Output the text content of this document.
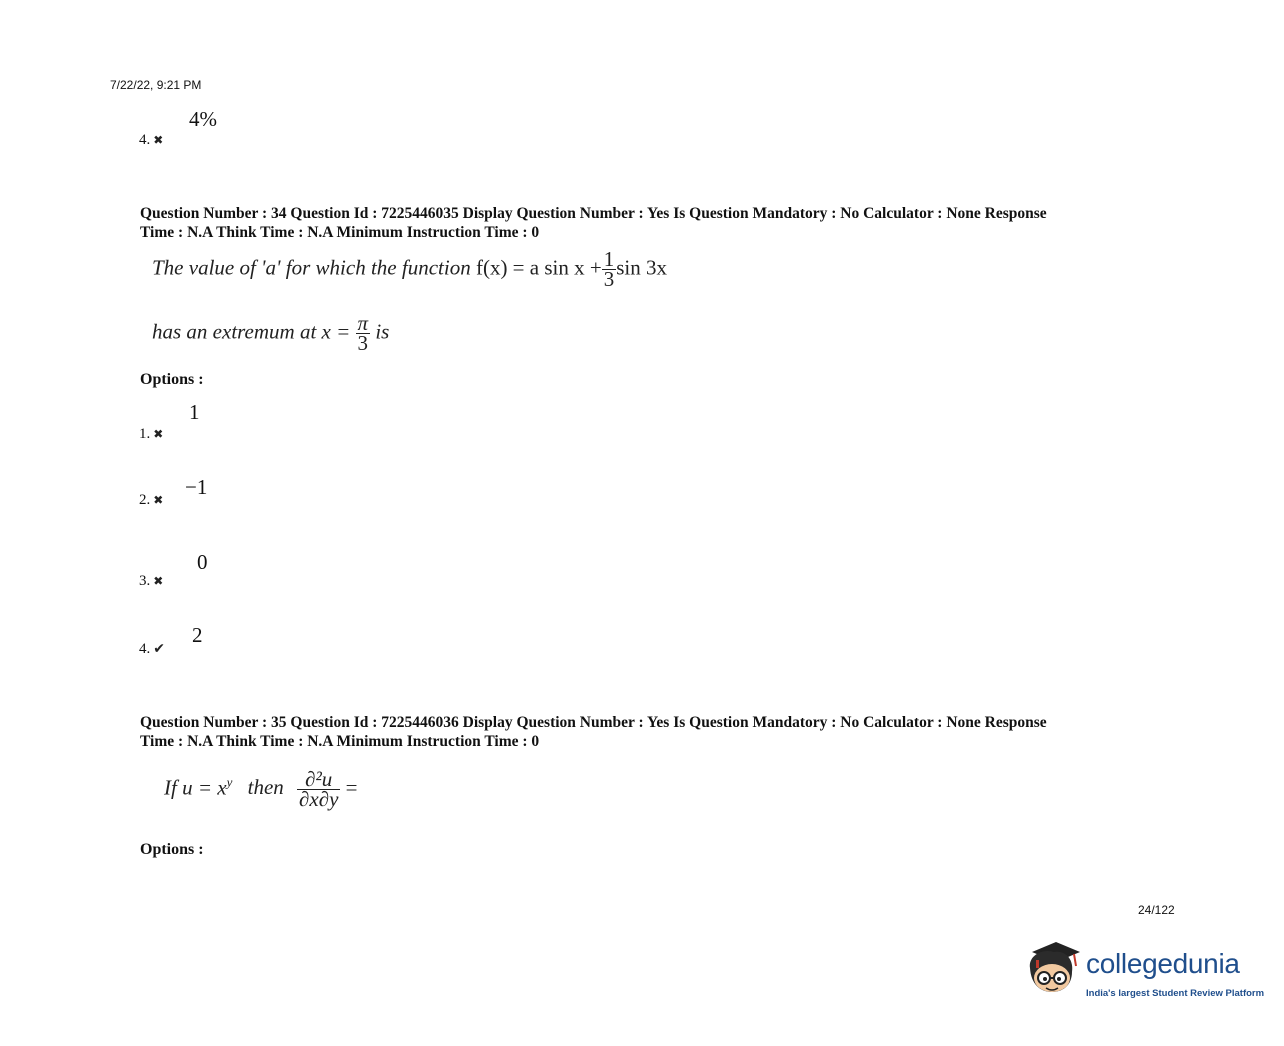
7/22/22, 9:21 PM
4%
4. ✖
Question Number : 34 Question Id : 7225446035 Display Question Number : Yes Is Question Mandatory : No Calculator : None Response
Time : N.A Think Time : N.A Minimum Instruction Time : 0
The value of 'a' for which the function f(x) = a $\sin x + \frac{1}{3}$ sin 3x
has an extremum at $x = \frac{\pi}{3}$ is
Options :
1
1. ✖
−1
2. ✖
0
3. ✖
2
4. ✔
Question Number : 35 Question Id : 7225446036 Display Question Number : Yes Is Question Mandatory : No Calculator : None Response
Time : N.A Think Time : N.A Minimum Instruction Time : 0
If $u = x^y$ then $\frac{\text{∂²u}}{\partial x\partial y}$ =
Options :
24/122
collegedunia
India's largest Student Review Platform
